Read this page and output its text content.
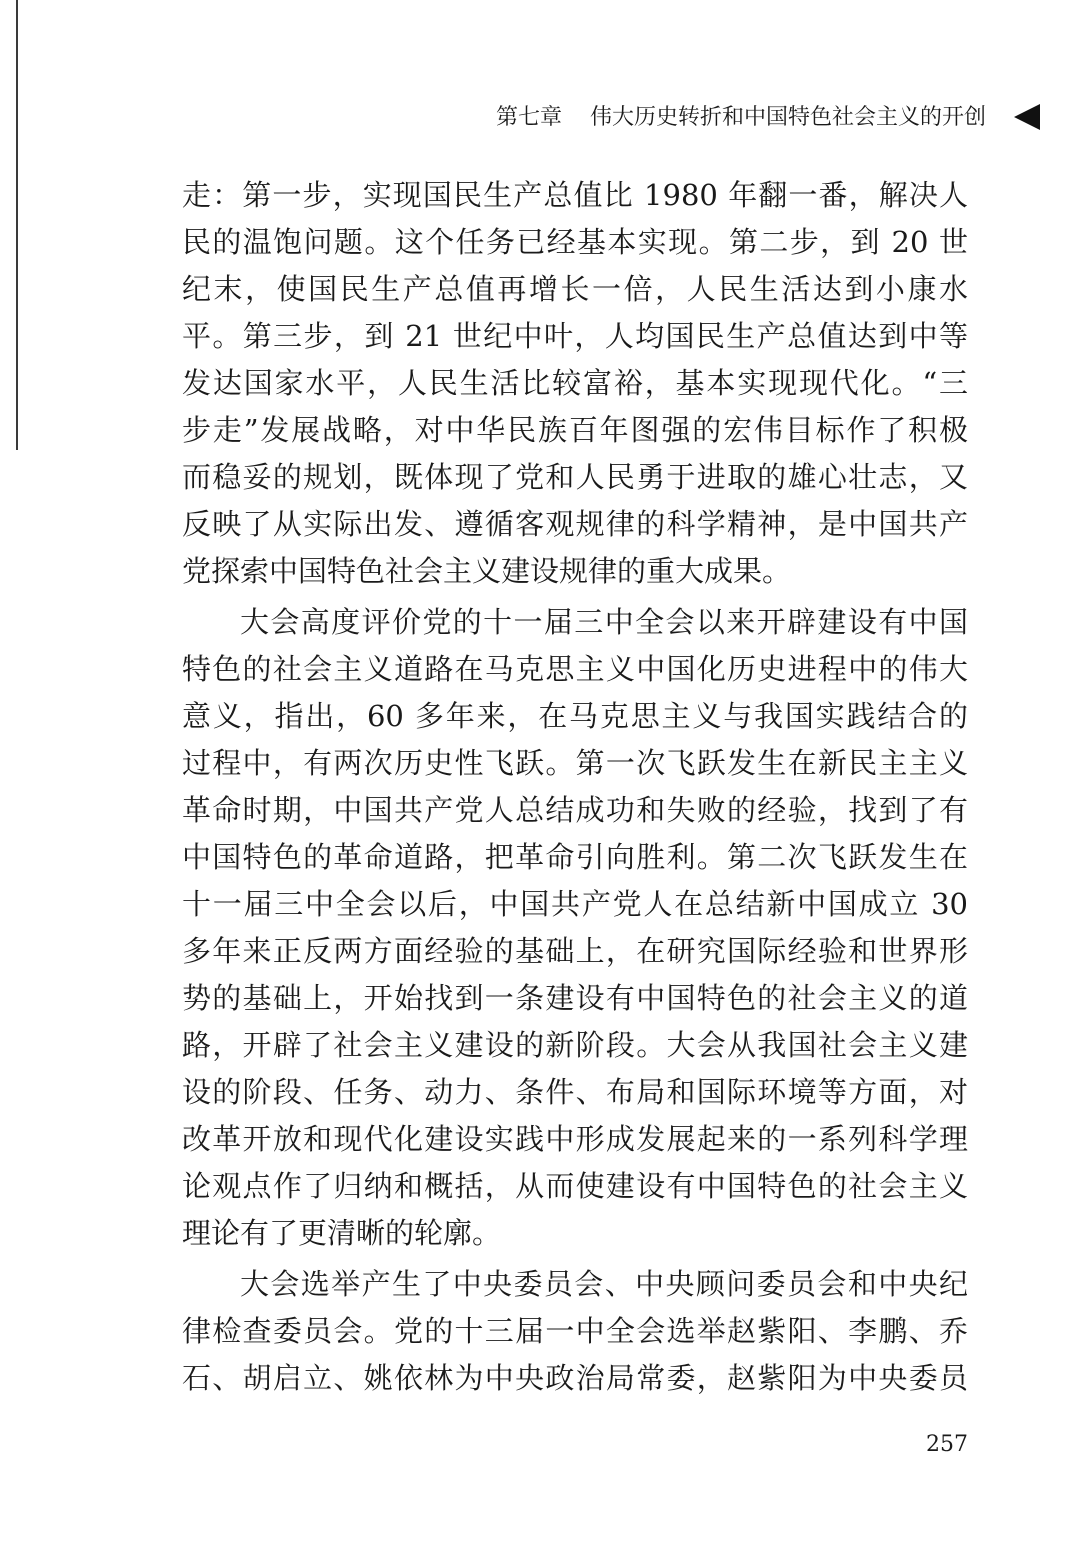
第七章 伟大历史转折和中国特色社会主义的开创
走：第一步，实现国民生产总值比 1980 年翻一番，解决人
民的温饱问题。这个任务已经基本实现。第二步，到 20 世
纪末，使国民生产总值再增长一倍，人民生活达到小康水
平。第三步，到 21 世纪中叶，人均国民生产总值达到中等
发达国家水平，人民生活比较富裕，基本实现现代化。“三
步走”发展战略，对中华民族百年图强的宏伟目标作了积极
而稳妥的规划，既体现了党和人民勇于进取的雄心壮志，又
反映了从实际出发、遵循客观规律的科学精神，是中国共产
党探索中国特色社会主义建设规律的重大成果。
大会高度评价党的十一届三中全会以来开辟建设有中国
特色的社会主义道路在马克思主义中国化历史进程中的伟大
意义，指出，60 多年来，在马克思主义与我国实践结合的
过程中，有两次历史性飞跃。第一次飞跃发生在新民主主义
革命时期，中国共产党人总结成功和失败的经验，找到了有
中国特色的革命道路，把革命引向胜利。第二次飞跃发生在
十一届三中全会以后，中国共产党人在总结新中国成立 30
多年来正反两方面经验的基础上，在研究国际经验和世界形
势的基础上，开始找到一条建设有中国特色的社会主义的道
路，开辟了社会主义建设的新阶段。大会从我国社会主义建
设的阶段、任务、动力、条件、布局和国际环境等方面，对
改革开放和现代化建设实践中形成发展起来的一系列科学理
论观点作了归纳和概括，从而使建设有中国特色的社会主义
理论有了更清晰的轮廓。
大会选举产生了中央委员会、中央顾问委员会和中央纪
律检查委员会。党的十三届一中全会选举赵紫阳、李鹏、乔
石、胡启立、姚依林为中央政治局常委，赵紫阳为中央委员
257
